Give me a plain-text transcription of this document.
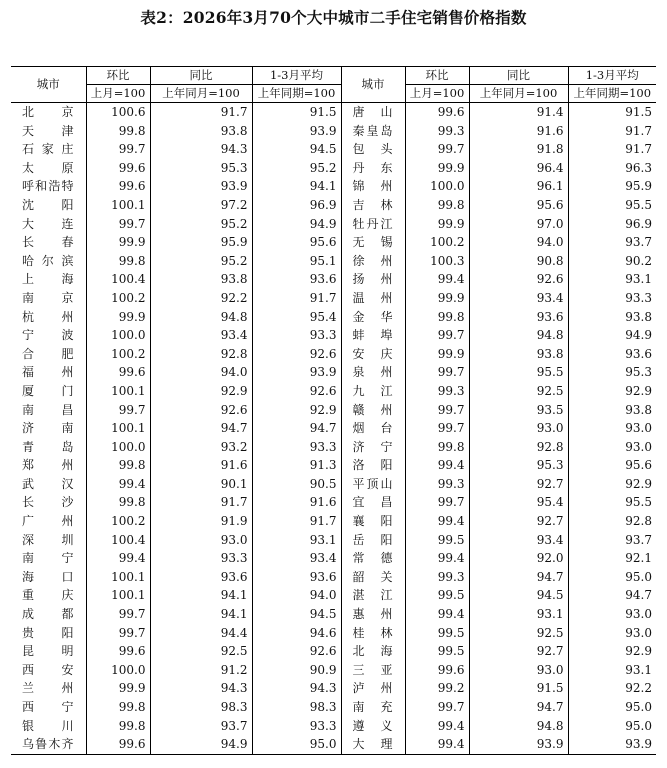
表2：2026年3月70个大中城市二手住宅销售价格指数
城市	环比	同比	1-3月平均	城市	环比	同比	1-3月平均
	上月=100	上年同月=100	上年同期=100		上月=100	上年同月=100	上年同期=100
北京	100.6	91.7	91.5	唐山	99.6	91.4	91.5
天津	99.8	93.8	93.9	秦皇岛	99.3	91.6	91.7
石家庄	99.7	94.3	94.5	包头	99.7	91.8	91.7
太原	99.6	95.3	95.2	丹东	99.9	96.4	96.3
呼和浩特	99.6	93.9	94.1	锦州	100.0	96.1	95.9
沈阳	100.1	97.2	96.9	吉林	99.8	95.6	95.5
大连	99.7	95.2	94.9	牡丹江	99.9	97.0	96.9
长春	99.9	95.9	95.6	无锡	100.2	94.0	93.7
哈尔滨	99.8	95.2	95.1	徐州	100.3	90.8	90.2
上海	100.4	93.8	93.6	扬州	99.4	92.6	93.1
南京	100.2	92.2	91.7	温州	99.9	93.4	93.3
杭州	99.9	94.8	95.4	金华	99.8	93.6	93.8
宁波	100.0	93.4	93.3	蚌埠	99.7	94.8	94.9
合肥	100.2	92.8	92.6	安庆	99.9	93.8	93.6
福州	99.6	94.0	93.9	泉州	99.7	95.5	95.3
厦门	100.1	92.9	92.6	九江	99.3	92.5	92.9
南昌	99.7	92.6	92.9	赣州	99.7	93.5	93.8
济南	100.1	94.7	94.7	烟台	99.7	93.0	93.0
青岛	100.0	93.2	93.3	济宁	99.8	92.8	93.0
郑州	99.8	91.6	91.3	洛阳	99.4	95.3	95.6
武汉	99.4	90.1	90.5	平顶山	99.3	92.7	92.9
长沙	99.8	91.7	91.6	宜昌	99.7	95.4	95.5
广州	100.2	91.9	91.7	襄阳	99.4	92.7	92.8
深圳	100.4	93.0	93.1	岳阳	99.5	93.4	93.7
南宁	99.4	93.3	93.4	常德	99.4	92.0	92.1
海口	100.1	93.6	93.6	韶关	99.3	94.7	95.0
重庆	100.1	94.1	94.0	湛江	99.5	94.5	94.7
成都	99.7	94.1	94.5	惠州	99.4	93.1	93.0
贵阳	99.7	94.4	94.6	桂林	99.5	92.5	93.0
昆明	99.6	92.5	92.6	北海	99.5	92.7	92.9
西安	100.0	91.2	90.9	三亚	99.6	93.0	93.1
兰州	99.9	94.3	94.3	泸州	99.2	91.5	92.2
西宁	99.8	98.3	98.3	南充	99.7	94.7	95.0
银川	99.8	93.7	93.3	遵义	99.4	94.8	95.0
乌鲁木齐	99.6	94.9	95.0	大理	99.4	93.9	93.9
